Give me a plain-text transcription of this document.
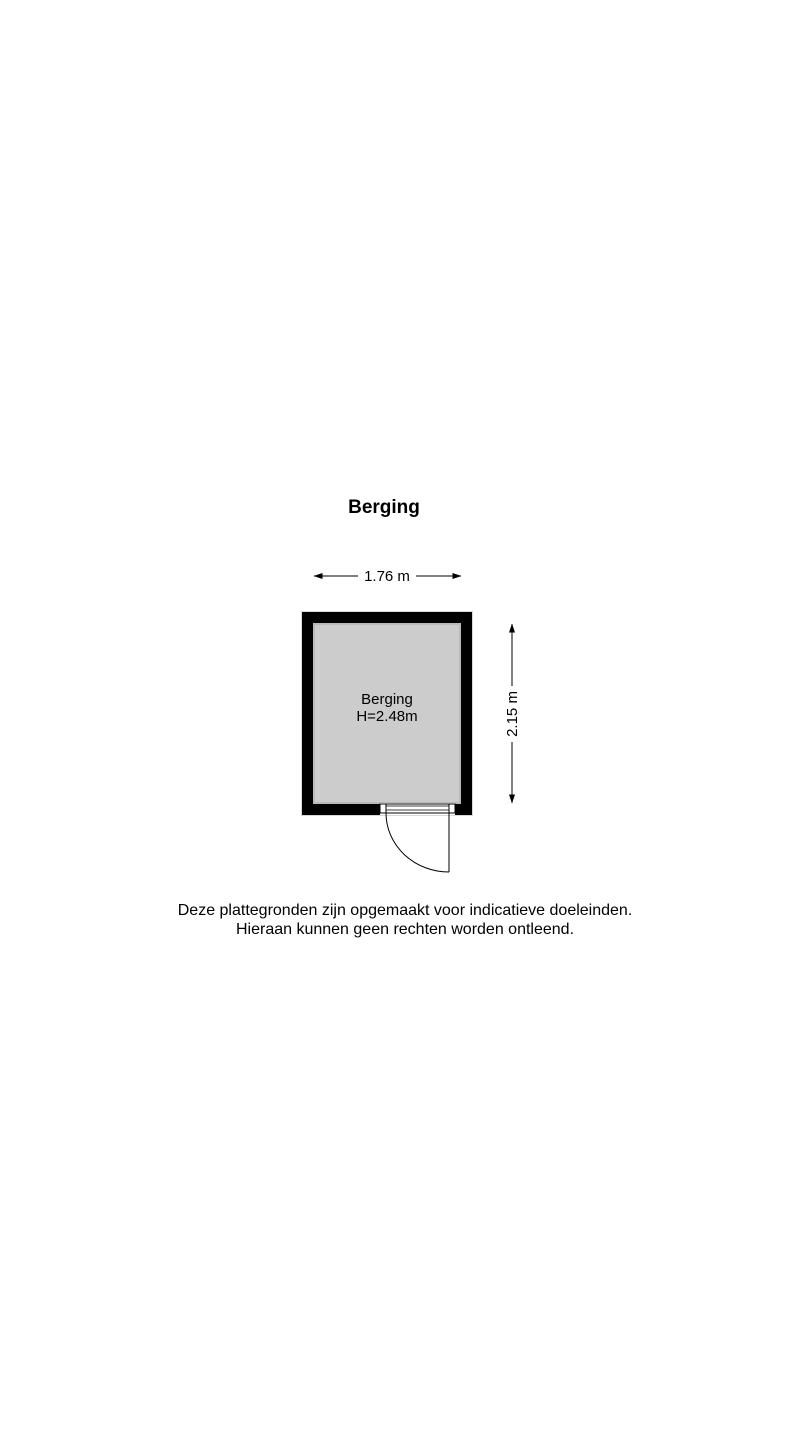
Berging
1.76 m
2.15 m
Berging
H=2.48m
Deze plattegronden zijn opgemaakt voor indicatieve doeleinden.
Hieraan kunnen geen rechten worden ontleend.
